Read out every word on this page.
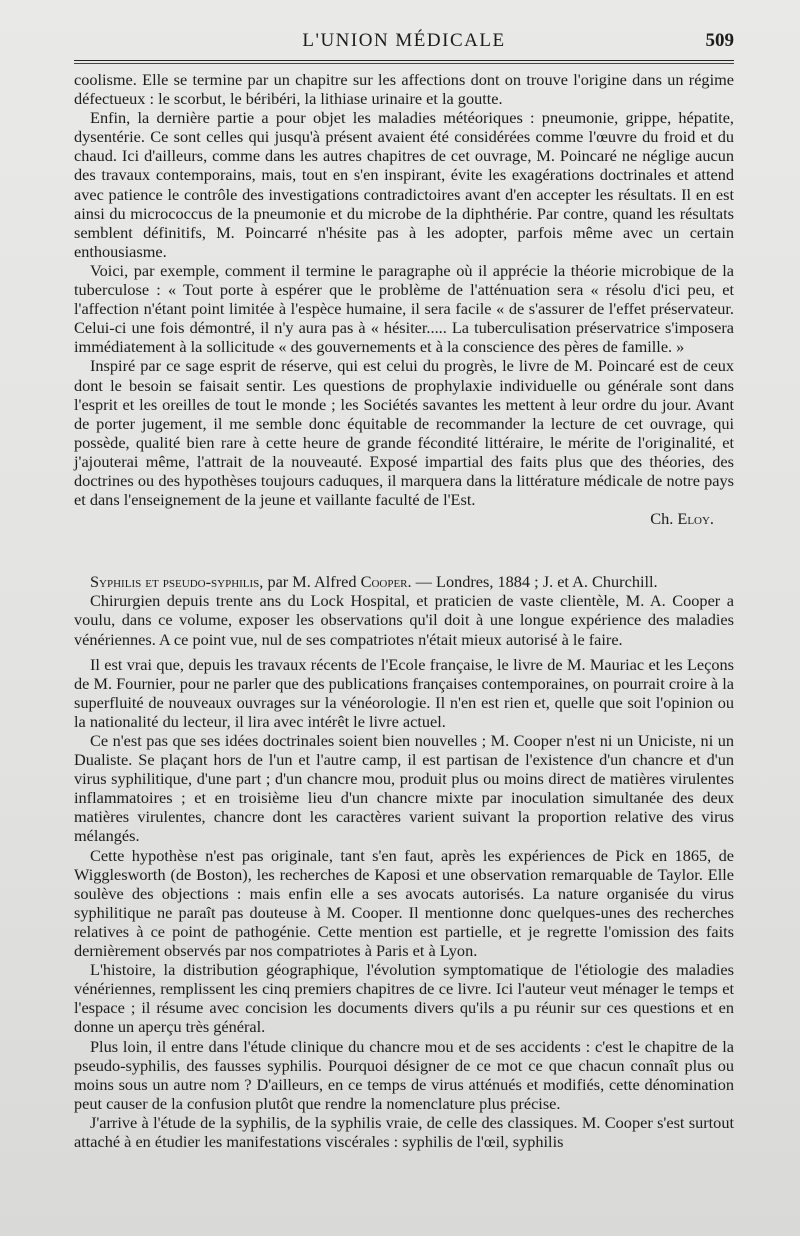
L'UNION MÉDICALE	509

coolisme. Elle se termine par un chapitre sur les affections dont on trouve l'origine dans un régime défectueux : le scorbut, le béribéri, la lithiase urinaire et la goutte.

Enfin, la dernière partie a pour objet les maladies météoriques : pneumonie, grippe, hépatite, dysentérie. Ce sont celles qui jusqu'à présent avaient été considérées comme l'œuvre du froid et du chaud. Ici d'ailleurs, comme dans les autres chapitres de cet ouvrage, M. Poincaré ne néglige aucun des travaux contemporains, mais, tout en s'en inspirant, évite les exagérations doctrinales et attend avec patience le contrôle des investigations contradictoires avant d'en accepter les résultats. Il en est ainsi du micrococcus de la pneumonie et du microbe de la diphthérie. Par contre, quand les résultats semblent définitifs, M. Poincarré n'hésite pas à les adopter, parfois même avec un certain enthousiasme.

Voici, par exemple, comment il termine le paragraphe où il apprécie la théorie microbique de la tuberculose : « Tout porte à espérer que le problème de l'atténuation sera « résolu d'ici peu, et l'affection n'étant point limitée à l'espèce humaine, il sera facile « de s'assurer de l'effet préservateur. Celui-ci une fois démontré, il n'y aura pas à « hésiter..... La tuberculisation préservatrice s'imposera immédiatement à la sollicitude « des gouvernements et à la conscience des pères de famille. »

Inspiré par ce sage esprit de réserve, qui est celui du progrès, le livre de M. Poincaré est de ceux dont le besoin se faisait sentir. Les questions de prophylaxie individuelle ou générale sont dans l'esprit et les oreilles de tout le monde ; les Sociétés savantes les mettent à leur ordre du jour. Avant de porter jugement, il me semble donc équitable de recommander la lecture de cet ouvrage, qui possède, qualité bien rare à cette heure de grande fécondité littéraire, le mérite de l'originalité, et j'ajouterai même, l'attrait de la nouveauté. Exposé impartial des faits plus que des théories, des doctrines ou des hypothèses toujours caduques, il marquera dans la littérature médicale de notre pays et dans l'enseignement de la jeune et vaillante faculté de l'Est.

Ch. Eloy.

Syphilis et pseudo-syphilis, par M. Alfred Cooper. — Londres, 1884 ; J. et A. Churchill.

Chirurgien depuis trente ans du Lock Hospital, et praticien de vaste clientèle, M. A. Cooper a voulu, dans ce volume, exposer les observations qu'il doit à une longue expérience des maladies vénériennes. A ce point vue, nul de ses compatriotes n'était mieux autorisé à le faire.

Il est vrai que, depuis les travaux récents de l'Ecole française, le livre de M. Mauriac et les Leçons de M. Fournier, pour ne parler que des publications françaises contemporaines, on pourrait croire à la superfluité de nouveaux ouvrages sur la vénéorologie. Il n'en est rien et, quelle que soit l'opinion ou la nationalité du lecteur, il lira avec intérêt le livre actuel.

Ce n'est pas que ses idées doctrinales soient bien nouvelles ; M. Cooper n'est ni un Uniciste, ni un Dualiste. Se plaçant hors de l'un et l'autre camp, il est partisan de l'existence d'un chancre et d'un virus syphilitique, d'une part ; d'un chancre mou, produit plus ou moins direct de matières virulentes inflammatoires ; et en troisième lieu d'un chancre mixte par inoculation simultanée des deux matières virulentes, chancre dont les caractères varient suivant la proportion relative des virus mélangés.

Cette hypothèse n'est pas originale, tant s'en faut, après les expériences de Pick en 1865, de Wigglesworth (de Boston), les recherches de Kaposi et une observation remarquable de Taylor. Elle soulève des objections : mais enfin elle a ses avocats autorisés. La nature organisée du virus syphilitique ne paraît pas douteuse à M. Cooper. Il mentionne donc quelques-unes des recherches relatives à ce point de pathogénie. Cette mention est partielle, et je regrette l'omission des faits dernièrement observés par nos compatriotes à Paris et à Lyon.

L'histoire, la distribution géographique, l'évolution symptomatique de l'étiologie des maladies vénériennes, remplissent les cinq premiers chapitres de ce livre. Ici l'auteur veut ménager le temps et l'espace ; il résume avec concision les documents divers qu'ils a pu réunir sur ces questions et en donne un aperçu très général.

Plus loin, il entre dans l'étude clinique du chancre mou et de ses accidents : c'est le chapitre de la pseudo-syphilis, des fausses syphilis. Pourquoi désigner de ce mot ce que chacun connaît plus ou moins sous un autre nom ? D'ailleurs, en ce temps de virus atténués et modifiés, cette dénomination peut causer de la confusion plutôt que rendre la nomenclature plus précise.

J'arrive à l'étude de la syphilis, de la syphilis vraie, de celle des classiques. M. Cooper s'est surtout attaché à en étudier les manifestations viscérales : syphilis de l'œil, syphilis
